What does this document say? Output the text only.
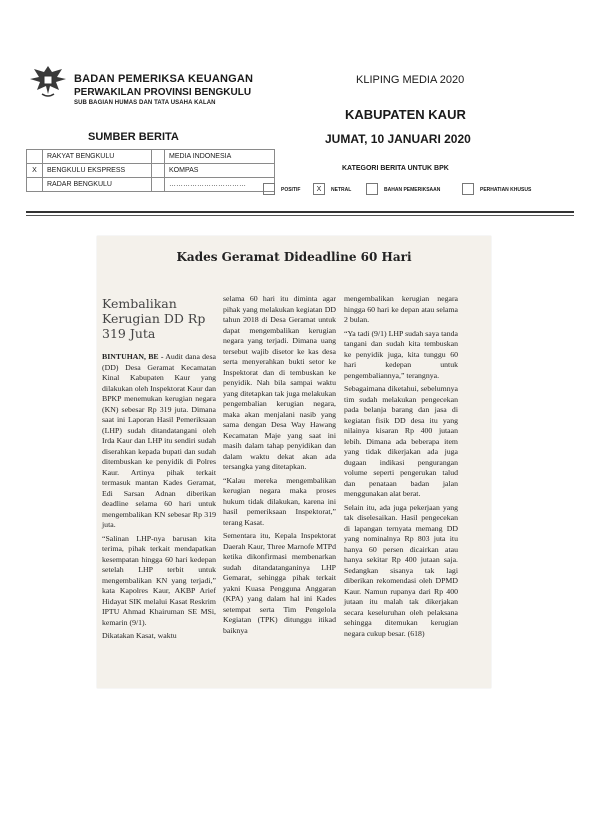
BADAN PEMERIKSA KEUANGAN
PERWAKILAN PROVINSI BENGKULU
SUB BAGIAN HUMAS DAN TATA USAHA KALAN
KLIPING MEDIA 2020
KABUPATEN KAUR
JUMAT, 10 JANUARI 2020
SUMBER BERITA
	RAKYAT BENGKULU		MEDIA INDONESIA
X	BENGKULU EKSPRESS		KOMPAS
	RADAR BENGKULU		……………………………
KATEGORI BERITA UNTUK BPK
POSITIF	X	NETRAL	BAHAN PEMERIKSAAN	PERHATIAN KHUSUS
Kades Geramat Dideadline 60 Hari
Kembalikan Kerugian DD Rp 319 Juta

BINTUHAN, BE - Audit dana desa (DD) Desa Geramat Kecamatan Kinal Kabupaten Kaur yang dilakukan oleh Inspektorat Kaur dan BPKP menemukan kerugian negara (KN) sebesar Rp 319 juta. Dimana saat ini Laporan Hasil Pemeriksaan (LHP) sudah ditandatangani oleh Irda Kaur dan LHP itu sendiri sudah diserahkan kepada bupati dan sudah ditembuskan ke penyidik di Polres Kaur. Artinya pihak terkait termasuk mantan Kades Geramat, Edi Sarsan Adnan diberikan deadline selama 60 hari untuk mengembalikan KN sebesar Rp 319 juta.

“Salinan LHP-nya barusan kita terima, pihak terkait mendapatkan kesempatan hingga 60 hari kedepan setelah LHP terbit untuk mengembalikan KN yang terjadi,” kata Kapolres Kaur, AKBP Arief Hidayat SIK melalui Kasat Reskrim IPTU Ahmad Khairuman SE MSi, kemarin (9/1).

Dikatakan Kasat, waktu

selama 60 hari itu diminta agar pihak yang melakukan kegiatan DD tahun 2018 di Desa Geramat untuk dapat mengembalikan kerugian negara yang terjadi. Dimana uang tersebut wajib disetor ke kas desa serta menyerahkan bukti setor ke Inspektorat dan di tembuskan ke penyidik. Nah bila sampai waktu yang ditetapkan tak juga melakukan pengembalian kerugian negara, maka akan menjalani nasib yang sama dengan Desa Way Hawang Kecamatan Maje yang saat ini masih dalam tahap penyidikan dan dalam waktu dekat akan ada tersangka yang ditetapkan.

“Kalau mereka mengembalikan kerugian negara maka proses hukum tidak dilakukan, karena ini hasil pemeriksaan Inspektorat,” terang Kasat.

Sementara itu, Kepala Inspektorat Daerah Kaur, Three Marnofe MTPd ketika dikonfirmasi membenarkan sudah ditandatanganinya LHP Gemarat, sehingga pihak terkait yakni Kuasa Pengguna Anggaran (KPA) yang dalam hal ini Kades setempat serta Tim Pengelola Kegiatan (TPK) ditunggu itikad baiknya

mengembalikan kerugian negara hingga 60 hari ke depan atau selama 2 bulan.

“Ya tadi (9/1) LHP sudah saya tanda tangani dan sudah kita tembuskan ke penyidik juga, kita tunggu 60 hari kedepan untuk pengembaliannya,” terangnya.

Sebagaimana diketahui, sebelumnya tim sudah melakukan pengecekan pada belanja barang dan jasa di kegiatan fisik DD desa itu yang nilainya kisaran Rp 400 jutaan lebih. Dimana ada beberapa item yang tidak dikerjakan ada juga dugaan indikasi pengurangan volume seperti pengerukan talud dan penataan badan jalan menggunakan alat berat.

Selain itu, ada juga pekerjaan yang tak diselesaikan. Hasil pengecekan di lapangan ternyata memang DD yang nominalnya Rp 803 juta itu hanya 60 persen dicairkan atau hanya sekitar Rp 400 jutaan saja. Sedangkan sisanya tak lagi diberikan rekomendasi oleh DPMD Kaur. Namun rupanya dari Rp 400 jutaan itu malah tak dikerjakan secara keseluruhan oleh pelaksana sehingga ditemukan kerugian negara cukup besar. (618)
